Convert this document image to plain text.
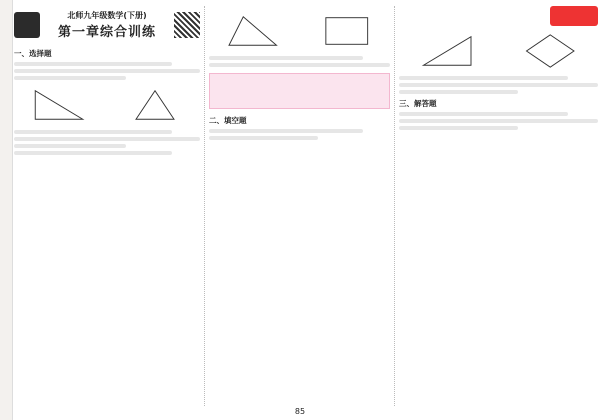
北师九年级数学(下册)
第一章综合训练
一、选择题
二、填空题
三、解答题
85
